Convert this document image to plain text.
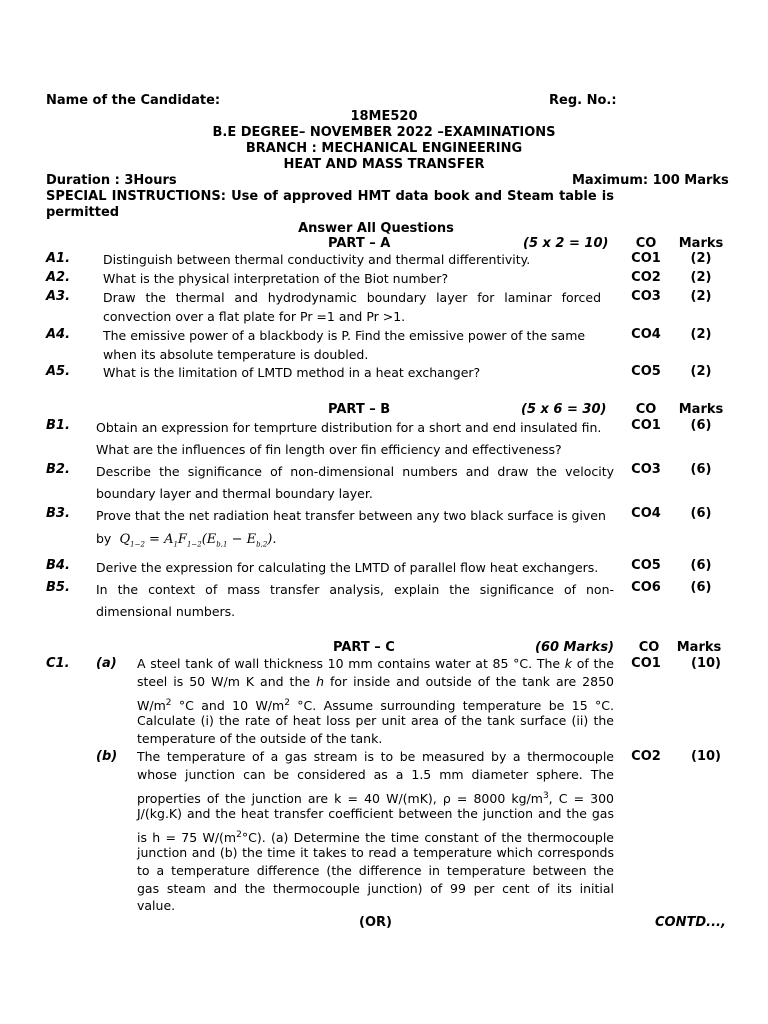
Name of the Candidate:	Reg. No.:
18ME520
B.E DEGREE– NOVEMBER 2022 –EXAMINATIONS
BRANCH : MECHANICAL ENGINEERING
HEAT AND MASS TRANSFER
Duration : 3Hours	Maximum: 100 Marks
SPECIAL INSTRUCTIONS: Use of approved HMT data book and Steam table is
permitted
Answer All Questions
PART – A	(5 x 2 = 10)	CO	Marks
A1.	Distinguish between thermal conductivity and thermal differentivity.	CO1	(2)
A2.	What is the physical interpretation of the Biot number?	CO2	(2)
A3.	Draw the thermal and hydrodynamic boundary layer for laminar forced
convection over a flat plate for Pr =1 and Pr >1.
CO3	(2)
A4.	The emissive power of a blackbody is P. Find the emissive power of the same
when its absolute temperature is doubled.
CO4	(2)
A5.	What is the limitation of LMTD method in a heat exchanger?	CO5	(2)
PART – B	(5 x 6 = 30)	CO	Marks
B1. Obtain an expression for temprture distribution for a short and end insulated fin.
What are the influences of fin length over fin efficiency and effectiveness?
CO1	(6)
B2. Describe the significance of non-dimensional numbers and draw the velocity
boundary layer and thermal boundary layer.
CO3	(6)
B3. Prove that the net radiation heat transfer between any two black surface is given
by  $Q_{1-2} = A_1F_{1-2}(E_{b,1} - E_{b,2})$.
CO4	(6)
B4. Derive the expression for calculating the LMTD of parallel flow heat exchangers.	CO5	(6)
B5. In the context of mass transfer analysis, explain the significance of non-
dimensional numbers.
CO6	(6)
PART – C	(60 Marks)	CO	Marks
C1. (a)	CO1	(10)
A steel tank of wall thickness 10 mm contains water at 85 °C. The k of the
steel is 50 W/m K and the h for inside and outside of the tank are 2850
$W/m^2$ °C and 10 $W/m^2$ °C. Assume surrounding temperature be 15 °C.
Calculate (i) the rate of heat loss per unit area of the tank surface (ii) the
temperature of the outside of the tank.
(b)	CO2	(10)
The temperature of a gas stream is to be measured by a thermocouple
whose junction can be considered as a 1.5 mm diameter sphere. The
properties of the junction are k = 40 W/(mK), ρ = 8000 $kg/m^3$, C = 300
J/(kg.K) and the heat transfer coefficient between the junction and the gas
is h = 75 $W/(m^2^\circ C)$. (a) Determine the time constant of the thermocouple
junction and (b) the time it takes to read a temperature which corresponds
to a temperature difference (the difference in temperature between the
gas steam and the thermocouple junction) of 99 per cent of its initial
value.
(OR)	CONTD...,
